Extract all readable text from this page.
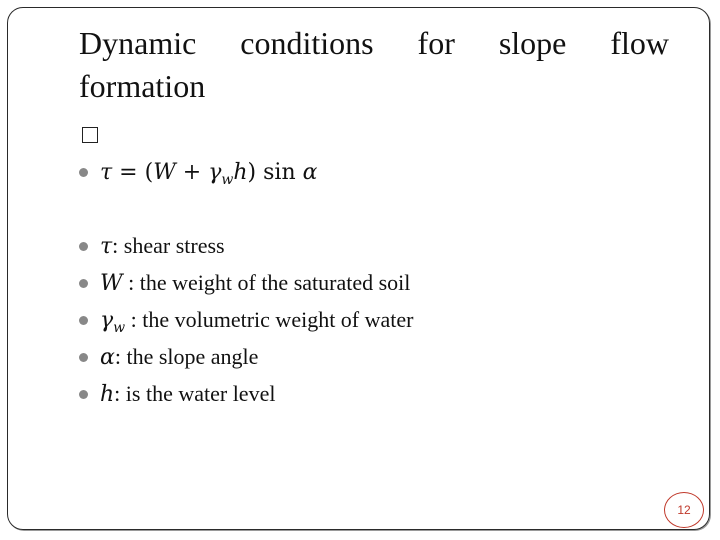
Dynamic conditions for slope flow
formation
$\tau = (W + \gamma_wh)$ sin α
τ: shear stress
W : the weight of the saturated soil
$\gamma_w$ : the volumetric weight of water
α: the slope angle
h: is the water level
12
